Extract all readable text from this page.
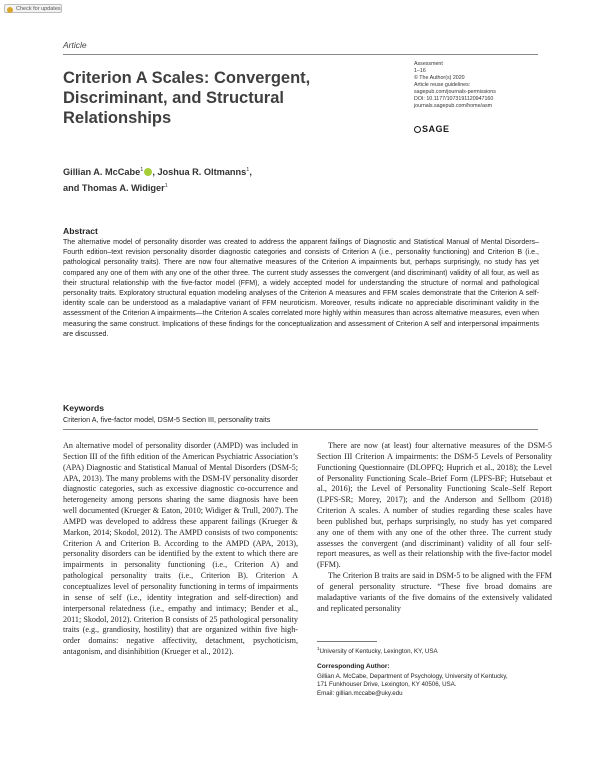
Check for updates
Article
Criterion A Scales: Convergent, Discriminant, and Structural Relationships
Assessment
1–16
© The Author(s) 2020
Article reuse guidelines:
sagepub.com/journals-permissions
DOI: 10.1177/1073191120947160
journals.sagepub.com/home/asm
SAGE
Gillian A. McCabe$^1$ , Joshua R. Oltmanns$^1$,
and Thomas A. Widiger$^1$
Abstract
The alternative model of personality disorder was created to address the apparent failings of Diagnostic and Statistical Manual of Mental Disorders–Fourth edition–text revision personality disorder diagnostic categories and consists of Criterion A (i.e., personality functioning) and Criterion B (i.e., pathological personality traits). There are now four alternative measures of the Criterion A impairments but, perhaps surprisingly, no study has yet compared any one of them with any one of the other three. The current study assesses the convergent (and discriminant) validity of all four, as well as their structural relationship with the five-factor model (FFM), a widely accepted model for understanding the structure of normal and pathological personality traits. Exploratory structural equation modeling analyses of the Criterion A measures and FFM scales demonstrate that the Criterion A self-identity scale can be understood as a maladaptive variant of FFM neuroticism. Moreover, results indicate no appreciable discriminant validity in the assessment of the Criterion A impairments—the Criterion A scales correlated more highly within measures than across alternative measures, even when measuring the same construct. Implications of these findings for the conceptualization and assessment of Criterion A self and interpersonal impairments are discussed.
Keywords
Criterion A, five-factor model, DSM-5 Section III, personality traits

An alternative model of personality disorder (AMPD) was included in Section III of the fifth edition of the American Psychiatric Association’s (APA) Diagnostic and Statistical Manual of Mental Disorders (DSM-5; APA, 2013). The many problems with the DSM-IV personality disorder diagnostic categories, such as excessive diagnostic co-occurrence and heterogeneity among persons sharing the same diagnosis have been well documented (Krueger & Eaton, 2010; Widiger & Trull, 2007). The AMPD was developed to address these apparent failings (Krueger & Markon, 2014; Skodol, 2012). The AMPD consists of two components: Criterion A and Criterion B. According to the AMPD (APA, 2013), personality disorders can be identified by the extent to which there are impairments in personality functioning (i.e., Criterion A) and pathological personality traits (i.e., Criterion B). Criterion A conceptualizes level of personality functioning in terms of impairments in sense of self (i.e., identity integration and self-direction) and interpersonal relatedness (i.e., empathy and intimacy; Bender et al., 2011; Skodol, 2012). Criterion B consists of 25 pathological personality traits (e.g., grandiosity, hostility) that are organized within five high-order domains: negative affectivity, detachment, psychoticism, antagonism, and disinhibition (Krueger et al., 2012).

There are now (at least) four alternative measures of the DSM-5 Section III Criterion A impairments: the DSM-5 Levels of Personality Functioning Questionnaire (DLOPFQ; Huprich et al., 2018); the Level of Personality Functioning Scale–Brief Form (LPFS-BF; Hutsebaut et al., 2016); the Level of Personality Functioning Scale–Self Report (LPFS-SR; Morey, 2017); and the Anderson and Sellbom (2018) Criterion A scales. A number of studies regarding these scales have been published but, perhaps surprisingly, no study has yet compared any one of them with any one of the other three. The current study assesses the convergent (and discriminant) validity of all four self-report measures, as well as their relationship with the five-factor model (FFM).

The Criterion B traits are said in DSM-5 to be aligned with the FFM of general personality structure. “These five broad domains are maladaptive variants of the five domains of the extensively validated and replicated personality

$^1$University of Kentucky, Lexington, KY, USA
Corresponding Author:
Gillian A. McCabe, Department of Psychology, University of Kentucky,
171 Funkhouser Drive, Lexington, KY 40506, USA.
Email: gillian.mccabe@uky.edu
